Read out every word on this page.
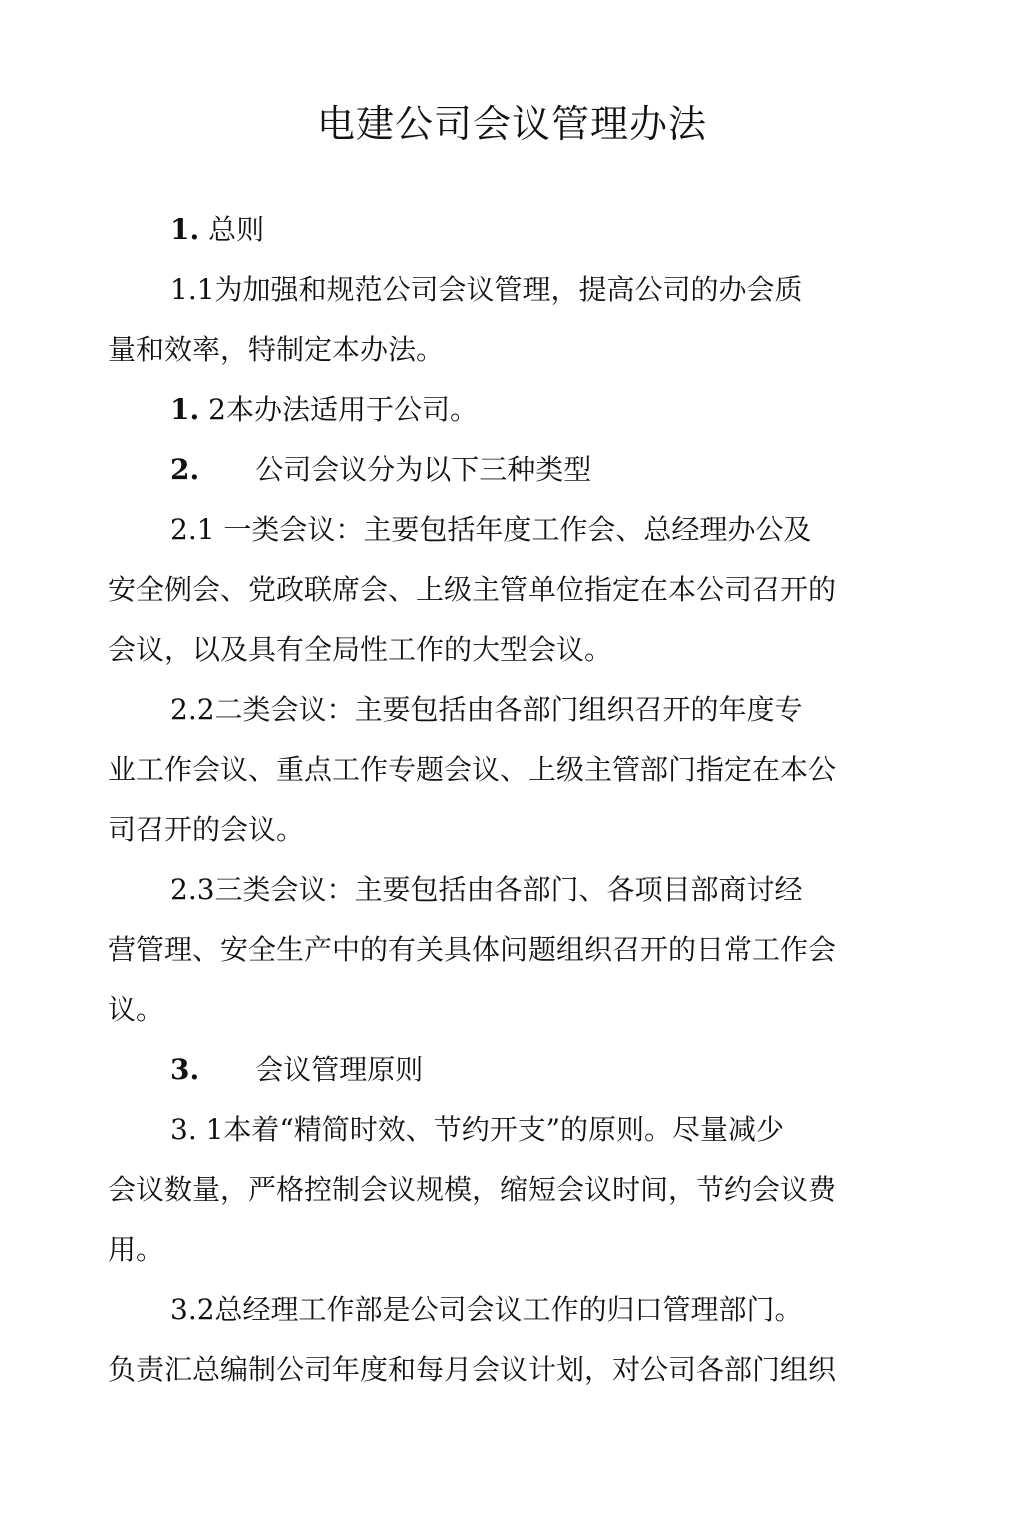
电建公司会议管理办法
1. 总则
1.1为加强和规范公司会议管理，提高公司的办会质
量和效率，特制定本办法。
1. 2本办法适用于公司。
2. 公司会议分为以下三种类型
2.1 一类会议：主要包括年度工作会、总经理办公及
安全例会、党政联席会、上级主管单位指定在本公司召开的
会议，以及具有全局性工作的大型会议。
2.2二类会议：主要包括由各部门组织召开的年度专
业工作会议、重点工作专题会议、上级主管部门指定在本公
司召开的会议。
2.3三类会议：主要包括由各部门、各项目部商讨经
营管理、安全生产中的有关具体问题组织召开的日常工作会
议。
3. 会议管理原则
3. 1本着“精简时效、节约开支”的原则。尽量减少
会议数量，严格控制会议规模，缩短会议时间，节约会议费
用。
3.2总经理工作部是公司会议工作的归口管理部门。
负责汇总编制公司年度和每月会议计划，对公司各部门组织
